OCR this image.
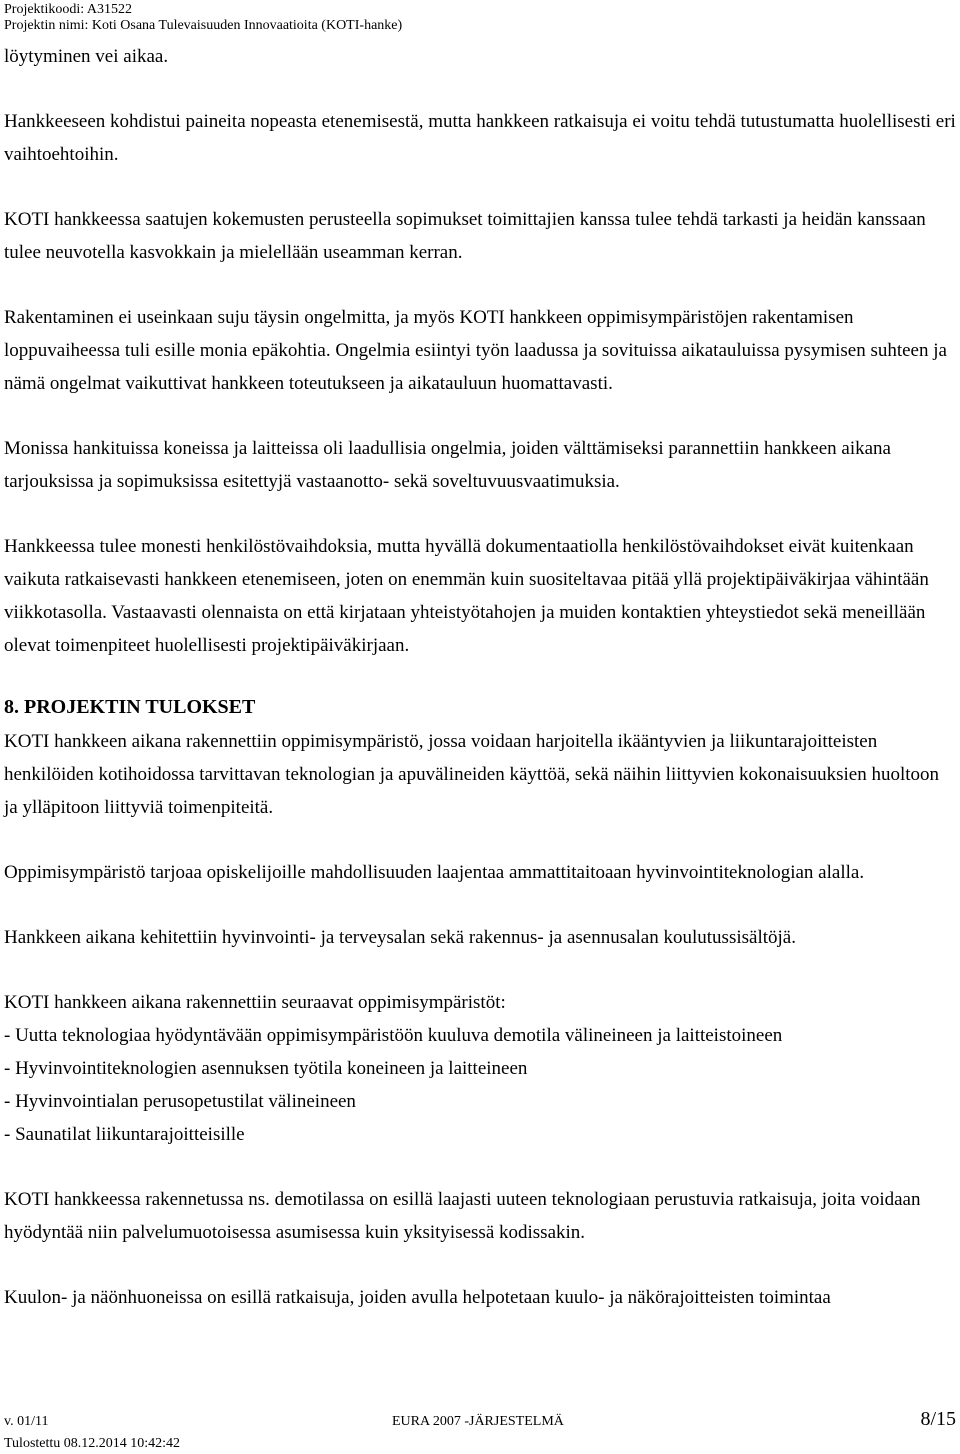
Projektikoodi: A31522
Projektin nimi: Koti Osana Tulevaisuuden Innovaatioita (KOTI-hanke)

löytyminen vei aikaa.

Hankkeeseen kohdistui paineita nopeasta etenemisestä, mutta hankkeen ratkaisuja ei voitu tehdä tutustumatta huolellisesti eri vaihtoehtoihin.

KOTI hankkeessa saatujen kokemusten perusteella sopimukset toimittajien kanssa tulee tehdä tarkasti ja heidän kanssaan tulee neuvotella kasvokkain ja mielellään useamman kerran.

Rakentaminen ei useinkaan suju täysin ongelmitta, ja myös KOTI hankkeen oppimisympäristöjen rakentamisen loppuvaiheessa tuli esille monia epäkohtia. Ongelmia esiintyi työn laadussa ja sovituissa aikatauluissa pysymisen suhteen ja nämä ongelmat vaikuttivat hankkeen toteutukseen ja aikatauluun huomattavasti.

Monissa hankituissa koneissa ja laitteissa oli laadullisia ongelmia, joiden välttämiseksi parannettiin hankkeen aikana tarjouksissa ja sopimuksissa esitettyjä vastaanotto- sekä soveltuvuusvaatimuksia.

Hankkeessa tulee monesti henkilöstövaihdoksia, mutta hyvällä dokumentaatiolla henkilöstövaihdokset eivät kuitenkaan vaikuta ratkaisevasti hankkeen etenemiseen, joten on enemmän kuin suositeltavaa pitää yllä projektipäiväkirjaa vähintään viikkotasolla. Vastaavasti olennaista on että kirjataan yhteistyötahojen ja muiden kontaktien yhteystiedot sekä meneillään olevat toimenpiteet huolellisesti projektipäiväkirjaan.

8. PROJEKTIN TULOKSET

KOTI hankkeen aikana rakennettiin oppimisympäristö, jossa voidaan harjoitella ikääntyvien ja liikuntarajoitteisten henkilöiden kotihoidossa tarvittavan teknologian ja apuvälineiden käyttöä, sekä näihin liittyvien kokonaisuuksien huoltoon ja ylläpitoon liittyviä toimenpiteitä.

Oppimisympäristö tarjoaa opiskelijoille mahdollisuuden laajentaa ammattitaitoaan hyvinvointiteknologian alalla.

Hankkeen aikana kehitettiin hyvinvointi- ja terveysalan sekä rakennus- ja asennusalan koulutussisältöjä.

KOTI hankkeen aikana rakennettiin seuraavat oppimisympäristöt:

- Uutta teknologiaa hyödyntävään oppimisympäristöön kuuluva demotila välineineen ja laitteistoineen

- Hyvinvointiteknologien asennuksen työtila koneineen ja laitteineen

- Hyvinvointialan perusopetustilat välineineen

- Saunatilat liikuntarajoitteisille

KOTI hankkeessa rakennetussa ns. demotilassa on esillä laajasti uuteen teknologiaan perustuvia ratkaisuja, joita voidaan hyödyntää niin palvelumuotoisessa asumisessa kuin yksityisessä kodissakin.

Kuulon- ja näönhuoneissa on esillä ratkaisuja, joiden avulla helpotetaan kuulo- ja näkörajoitteisten toimintaa

v. 01/11	EURA 2007 -JÄRJESTELMÄ	8/15
Tulostettu 08.12.2014 10:42:42
